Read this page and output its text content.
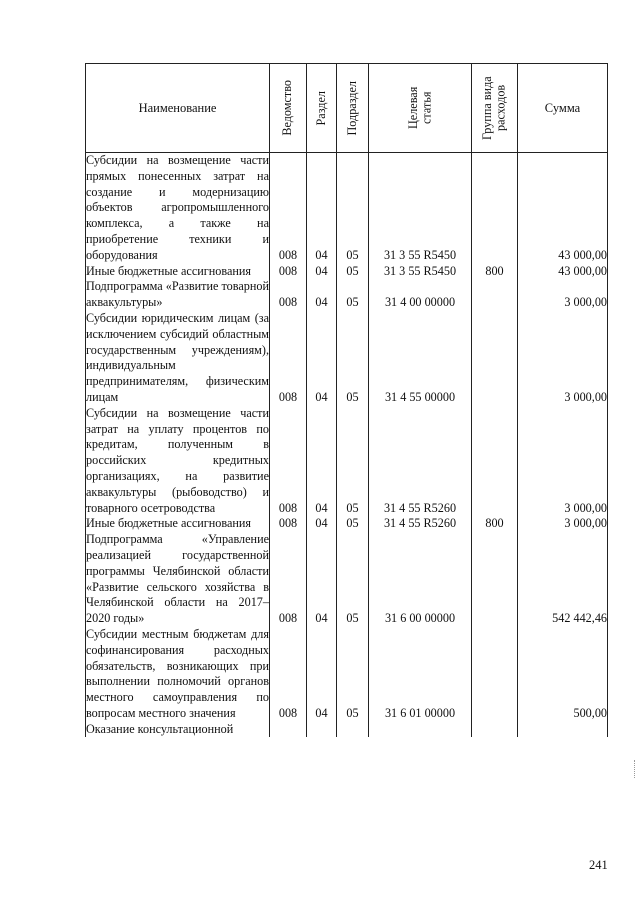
Наименование	Ведомство	Раздел	Подраздел	Целевая статья	Группа вида расходов	Сумма
Субсидии на возмещение части прямых понесенных затрат на создание и модернизацию объектов агропромышленного комплекса, а также на приобретение техники и оборудования	008	04	05	31 3 55 R5450		43 000,00
Иные бюджетные ассигнования	008	04	05	31 3 55 R5450	800	43 000,00
Подпрограмма «Развитие товарной аквакультуры»	008	04	05	31 4 00 00000		3 000,00
Субсидии юридическим лицам (за исключением субсидий областным государственным учреждениям), индивидуальным предпринимателям, физическим лицам	008	04	05	31 4 55 00000		3 000,00
Субсидии на возмещение части затрат на уплату процентов по кредитам, полученным в российских кредитных организациях, на развитие аквакультуры (рыбоводство) и товарного осетроводства	008	04	05	31 4 55 R5260		3 000,00
Иные бюджетные ассигнования	008	04	05	31 4 55 R5260	800	3 000,00
Подпрограмма «Управление реализацией государственной программы Челябинской области «Развитие сельского хозяйства в Челябинской области на 2017–2020 годы»	008	04	05	31 6 00 00000		542 442,46
Субсидии местным бюджетам для софинансирования расходных обязательств, возникающих при выполнении полномочий органов местного самоуправления по вопросам местного значения	008	04	05	31 6 01 00000		500,00
Оказание консультационной						
241
